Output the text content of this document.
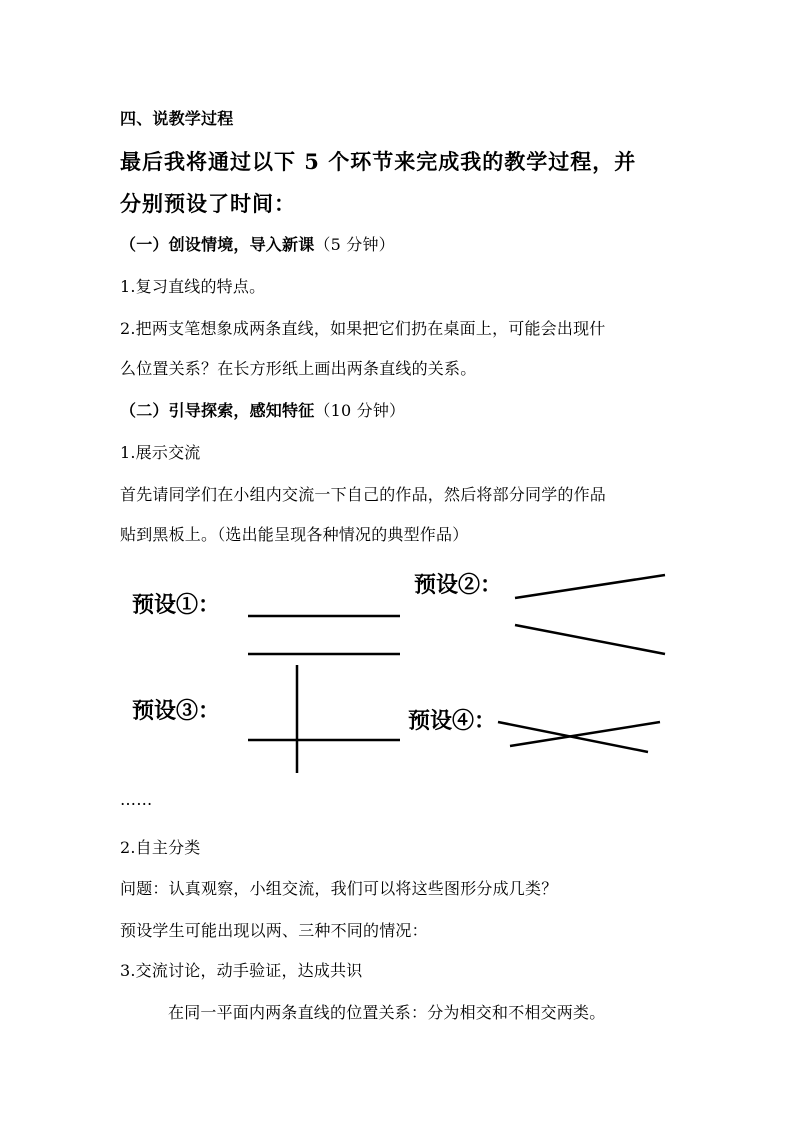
四、说教学过程
最后我将通过以下 5 个环节来完成我的教学过程，并
分别预设了时间：
（一）创设情境，导入新课（5 分钟）
1.复习直线的特点。
2.把两支笔想象成两条直线，如果把它们扔在桌面上，可能会出现什
么位置关系？在长方形纸上画出两条直线的关系。
（二）引导探索，感知特征（10 分钟）
1.展示交流
首先请同学们在小组内交流一下自己的作品，然后将部分同学的作品
贴到黑板上。（选出能呈现各种情况的典型作品）
预设①：
预设②：
预设③：	预设④：
……
2.自主分类
问题：认真观察，小组交流，我们可以将这些图形分成几类？
预设学生可能出现以两、三种不同的情况：
3.交流讨论，动手验证，达成共识
在同一平面内两条直线的位置关系：分为相交和不相交两类。
